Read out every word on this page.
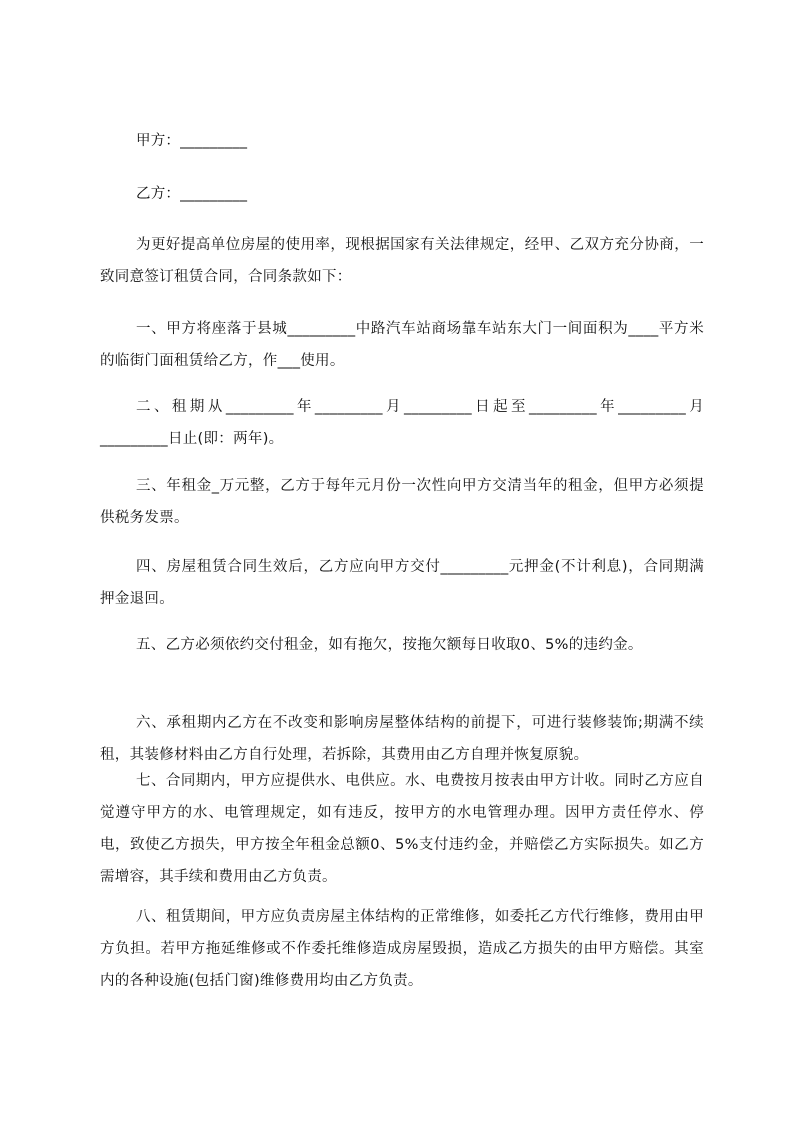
甲方：_________
乙方：_________
为更好提高单位房屋的使用率，现根据国家有关法律规定，经甲、乙双方充分协商，一致同意签订租赁合同，合同条款如下：
一、甲方将座落于县城_________中路汽车站商场靠车站东大门一间面积为____平方米的临街门面租赁给乙方，作___使用。
二、租期从_________年_________月_________日起至_________年_________月_________日止(即：两年)。
三、年租金_万元整，乙方于每年元月份一次性向甲方交清当年的租金，但甲方必须提供税务发票。
四、房屋租赁合同生效后，乙方应向甲方交付_________元押金(不计利息)，合同期满押金退回。
五、乙方必须依约交付租金，如有拖欠，按拖欠额每日收取0、5%的违约金。
六、承租期内乙方在不改变和影响房屋整体结构的前提下，可进行装修装饰;期满不续租，其装修材料由乙方自行处理，若拆除，其费用由乙方自理并恢复原貌。
七、合同期内，甲方应提供水、电供应。水、电费按月按表由甲方计收。同时乙方应自觉遵守甲方的水、电管理规定，如有违反，按甲方的水电管理办理。因甲方责任停水、停电，致使乙方损失，甲方按全年租金总额0、5%支付违约金，并赔偿乙方实际损失。如乙方需增容，其手续和费用由乙方负责。
八、租赁期间，甲方应负责房屋主体结构的正常维修，如委托乙方代行维修，费用由甲方负担。若甲方拖延维修或不作委托维修造成房屋毁损，造成乙方损失的由甲方赔偿。其室内的各种设施(包括门窗)维修费用均由乙方负责。
